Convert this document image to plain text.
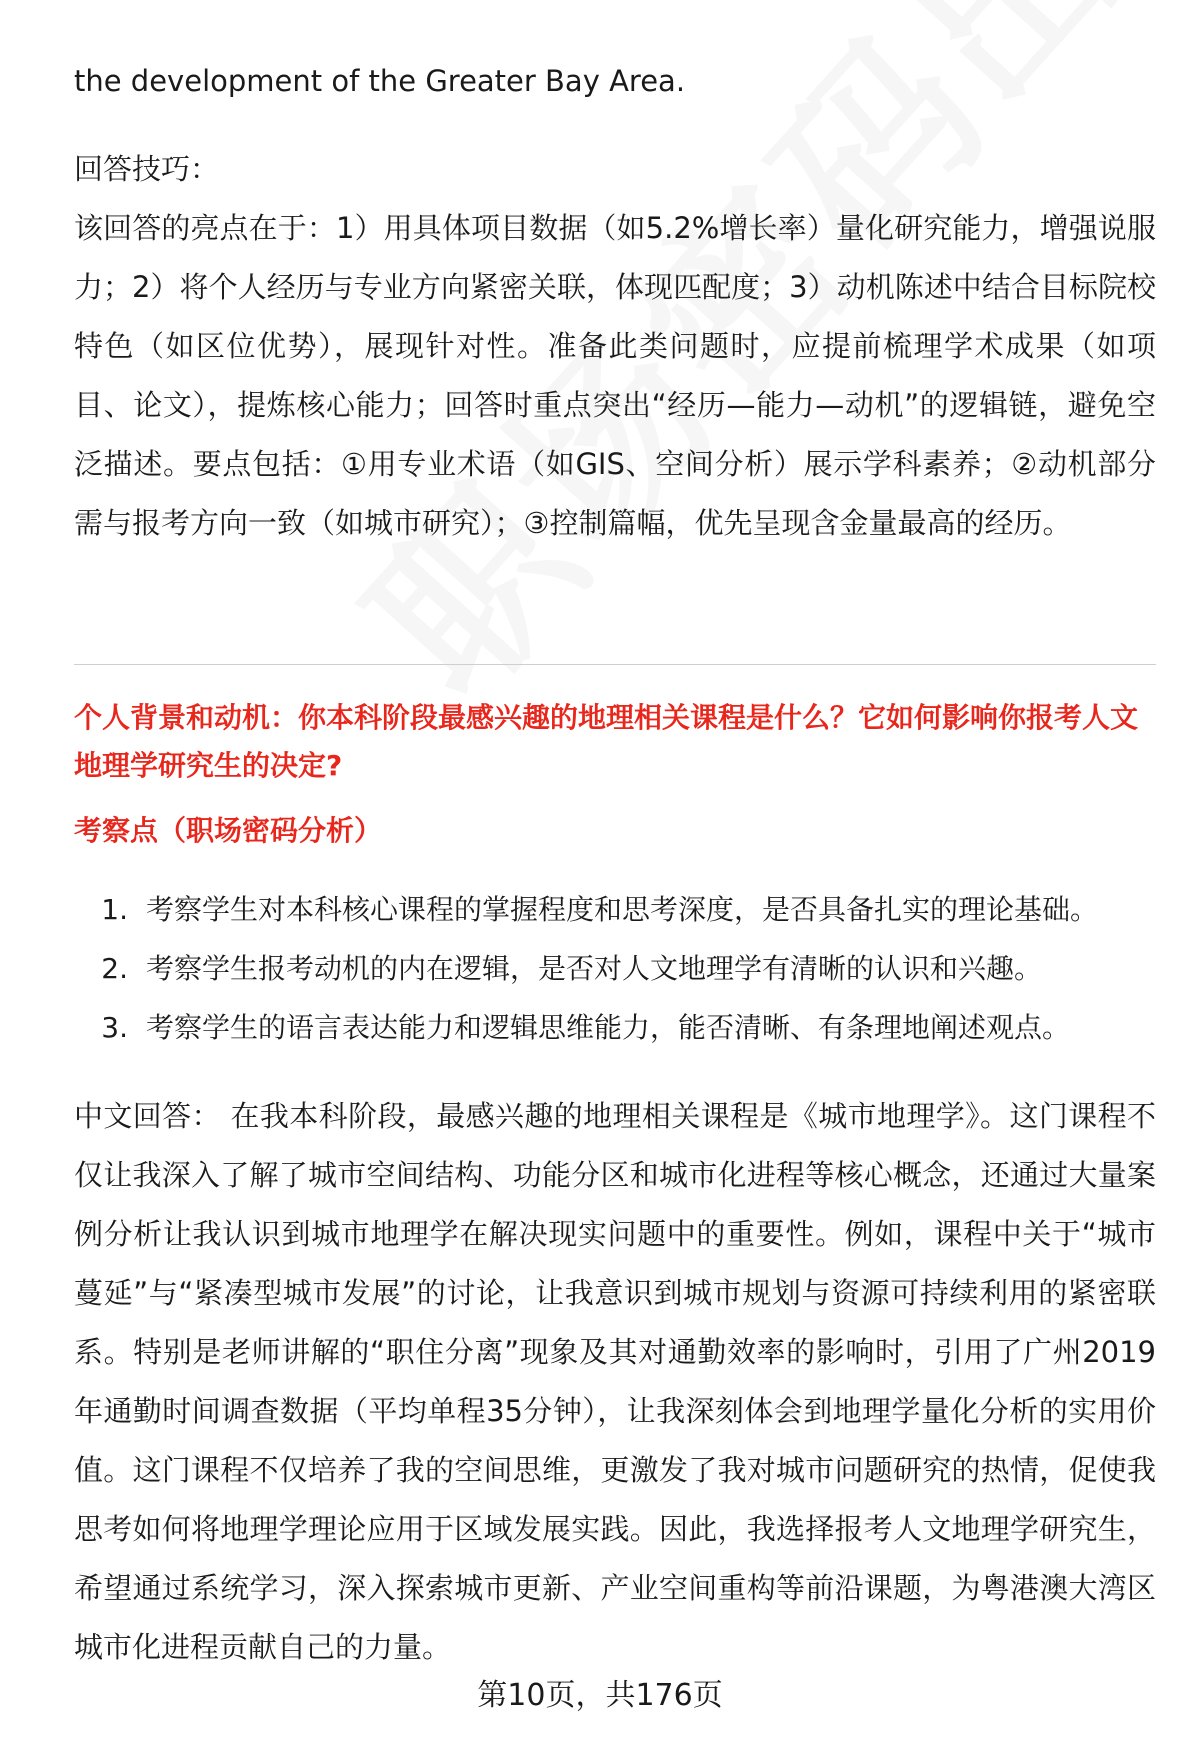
the development of the Greater Bay Area.

回答技巧：

该回答的亮点在于：1）用具体项目数据（如5.2%增长率）量化研究能力，增强说服力；2）将个人经历与专业方向紧密关联，体现匹配度；3）动机陈述中结合目标院校特色（如区位优势），展现针对性。准备此类问题时，应提前梳理学术成果（如项目、论文），提炼核心能力；回答时重点突出“经历—能力—动机”的逻辑链，避免空泛描述。要点包括：①用专业术语（如GIS、空间分析）展示学科素养；②动机部分需与报考方向一致（如城市研究）；③控制篇幅，优先呈现含金量最高的经历。

个人背景和动机：你本科阶段最感兴趣的地理相关课程是什么？它如何影响你报考人文地理学研究生的决定?

考察点（职场密码分析）

1. 考察学生对本科核心课程的掌握程度和思考深度，是否具备扎实的理论基础。
2. 考察学生报考动机的内在逻辑，是否对人文地理学有清晰的认识和兴趣。
3. 考察学生的语言表达能力和逻辑思维能力，能否清晰、有条理地阐述观点。

中文回答： 在我本科阶段，最感兴趣的地理相关课程是《城市地理学》。这门课程不仅让我深入了解了城市空间结构、功能分区和城市化进程等核心概念，还通过大量案例分析让我认识到城市地理学在解决现实问题中的重要性。例如，课程中关于“城市蔓延”与“紧凑型城市发展”的讨论，让我意识到城市规划与资源可持续利用的紧密联系。特别是老师讲解的“职住分离”现象及其对通勤效率的影响时，引用了广州2019年通勤时间调查数据（平均单程35分钟），让我深刻体会到地理学量化分析的实用价值。这门课程不仅培养了我的空间思维，更激发了我对城市问题研究的热情，促使我思考如何将地理学理论应用于区域发展实践。因此，我选择报考人文地理学研究生，希望通过系统学习，深入探索城市更新、产业空间重构等前沿课题，为粤港澳大湾区城市化进程贡献自己的力量。

第10页，共176页
